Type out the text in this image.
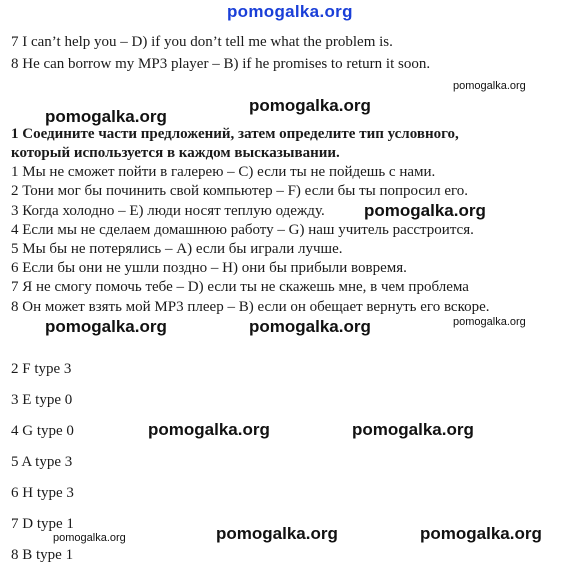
pomogalka.org
7 I can’t help you – D) if you don’t tell me what the problem is.
8 He can borrow my MP3 player – B) if he promises to return it soon.
pomogalka.org
pomogalka.org
pomogalka.org
1 Соедините части предложений, затем определите тип условного,
который используется в каждом высказывании.
1 Мы не сможет пойти в галерею – С) если ты не пойдешь с нами.
2 Тони мог бы починить свой компьютер – F) если бы ты попросил его.
3 Когда холодно – E) люди носят теплую одежду.
4 Если мы не сделаем домашнюю работу – G) наш учитель расстроится.
5 Мы бы не потерялись – А) если бы играли лучше.
6 Если бы они не ушли поздно – H) они бы прибыли вовремя.
7 Я не смогу помочь тебе – D) если ты не скажешь мне, в чем проблема
8 Он может взять мой MP3 плеер – B) если он обещает вернуть его вскоре.
pomogalka.org
pomogalka.org	pomogalka.org	pomogalka.org
2 F type 3
3 E type 0
4 G type 0
5 A type 3
6 H type 3
7 D type 1
8 B type 1
pomogalka.org	pomogalka.org
pomogalka.org	pomogalka.org	pomogalka.org
